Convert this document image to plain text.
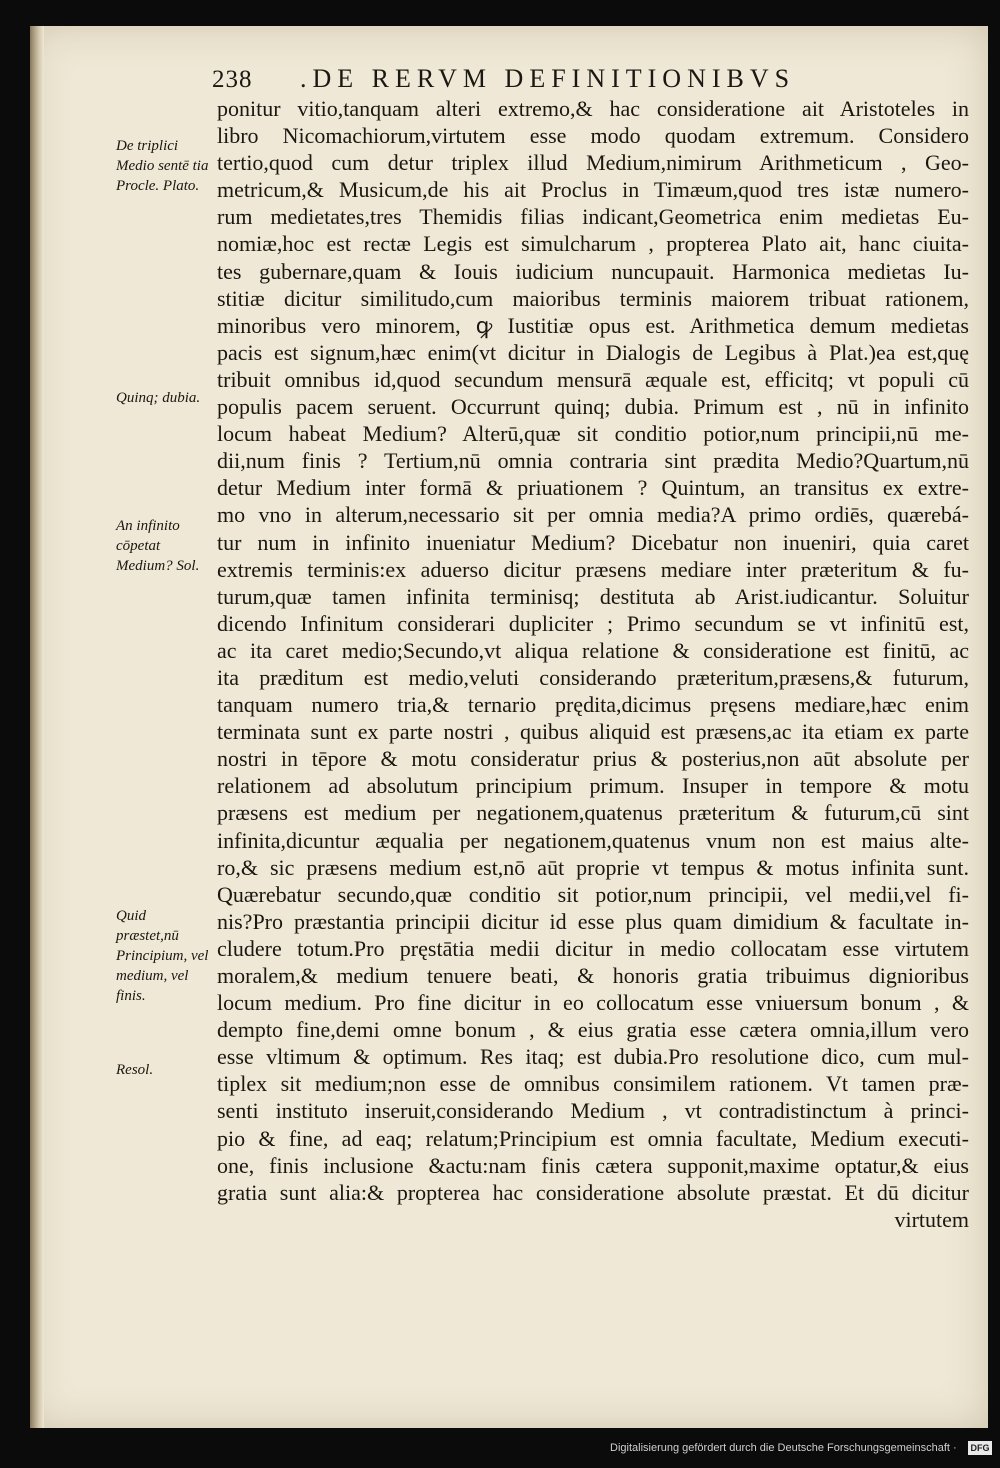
238 .DE RERVM DEFINITIONIBVS
ponitur vitio,tanquam alteri extremo,& hac consideratione ait Aristoteles in
libro Nicomachiorum,virtutem esse modo quodam extremum. Considero
tertio,quod cum detur triplex illud Medium,nimirum Arithmeticum , Geo-
metricum,& Musicum,de his ait Proclus in Timæum,quod tres istæ numero-
rum medietates,tres Themidis filias indicant,Geometrica enim medietas Eu-
nomiæ,hoc est rectæ Legis est simulcharum , propterea Plato ait, hanc ciuita-
tes gubernare,quam & Iouis iudicium nuncupauit. Harmonica medietas Iu-
stitiæ dicitur similitudo,cum maioribus terminis maiorem tribuat rationem,
minoribus vero minorem, ꝙ Iustitiæ opus est. Arithmetica demum medietas
pacis est signum,hæc enim(vt dicitur in Dialogis de Legibus à Plat.)ea est,quę
tribuit omnibus id,quod secundum mensurā æquale est, efficitq; vt populi cū
populis pacem seruent. Occurrunt quinq; dubia. Primum est , nū in infinito
locum habeat Medium? Alterū,quæ sit conditio potior,num principii,nū me-
dii,num finis ? Tertium,nū omnia contraria sint prædita Medio?Quartum,nū
detur Medium inter formā & priuationem ? Quintum, an transitus ex extre-
mo vno in alterum,necessario sit per omnia media?A primo ordiēs, quærebá-
tur num in infinito inueniatur Medium? Dicebatur non inueniri, quia caret
extremis terminis:ex aduerso dicitur præsens mediare inter præteritum & fu-
turum,quæ tamen infinita terminisq; destituta ab Arist.iudicantur. Soluitur
dicendo Infinitum considerari dupliciter ; Primo secundum se vt infinitū est,
ac ita caret medio;Secundo,vt aliqua relatione & consideratione est finitū, ac
ita præditum est medio,veluti considerando præteritum,præsens,& futurum,
tanquam numero tria,& ternario prędita,dicimus pręsens mediare,hæc enim
terminata sunt ex parte nostri , quibus aliquid est præsens,ac ita etiam ex parte
nostri in tēpore & motu consideratur prius & posterius,non aūt absolute per
relationem ad absolutum principium primum. Insuper in tempore & motu
præsens est medium per negationem,quatenus præteritum & futurum,cū sint
infinita,dicuntur æqualia per negationem,quatenus vnum non est maius alte-
ro,& sic præsens medium est,nō aūt proprie vt tempus & motus infinita sunt.
Quærebatur secundo,quæ conditio sit potior,num principii, vel medii,vel fi-
nis?Pro præstantia principii dicitur id esse plus quam dimidium & facultate in-
cludere totum.Pro pręstātia medii dicitur in medio collocatam esse virtutem
moralem,& medium tenuere beati, & honoris gratia tribuimus dignioribus
locum medium. Pro fine dicitur in eo collocatum esse vniuersum bonum , &
dempto fine,demi omne bonum , & eius gratia esse cætera omnia,illum vero
esse vltimum & optimum. Res itaq; est dubia.Pro resolutione dico, cum mul-
tiplex sit medium;non esse de omnibus consimilem rationem. Vt tamen præ-
senti instituto inseruit,considerando Medium , vt contradistinctum à princi-
pio & fine, ad eaq; relatum;Principium est omnia facultate, Medium executi-
one, finis inclusione &actu:nam finis cætera supponit,maxime optatur,& eius
gratia sunt alia:& propterea hac consideratione absolute præstat. Et dū dicitur
virtutem
De triplici Medio sentē tia Procle. Plato.
Quinq; dubia.
An infinito cōpetat Medium? Sol.
Quid præstet,nū Principium, vel medium, vel finis.
Resol.
Digitalisierung gefördert durch die Deutsche Forschungsgemeinschaft · DFG
